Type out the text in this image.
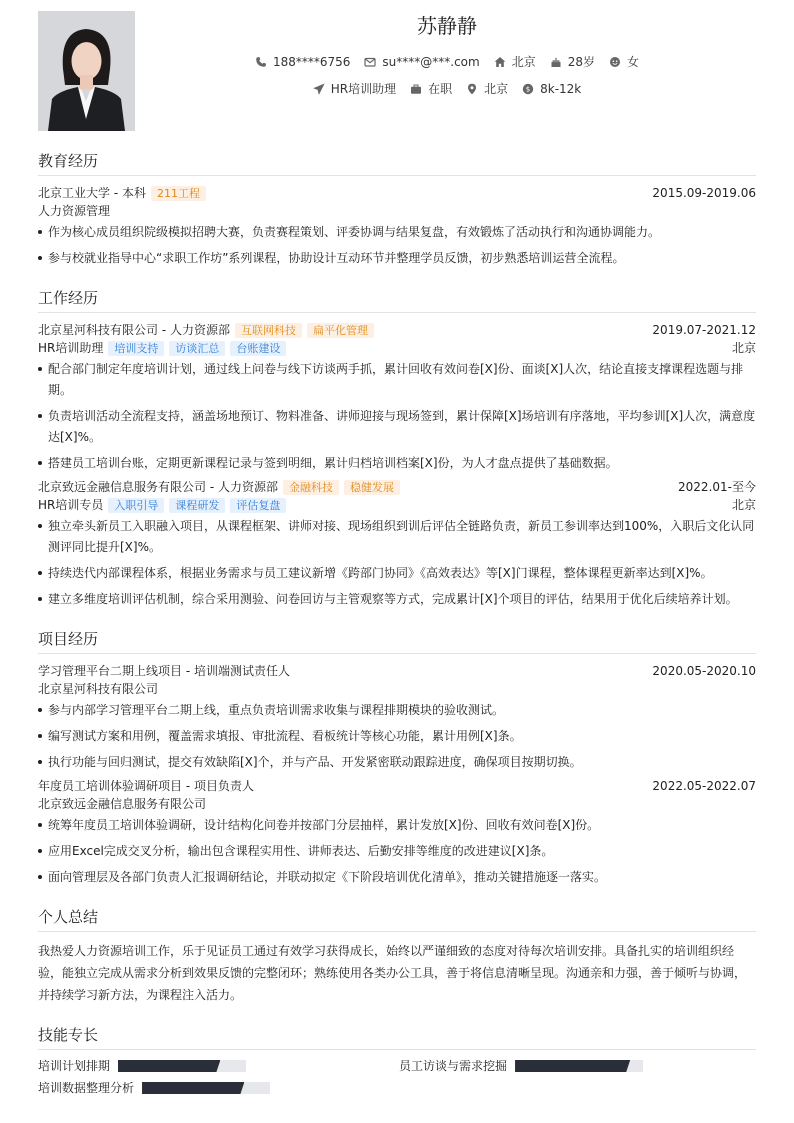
苏静静
188****6756	su****@***.com	北京	28岁	女
HR培训助理	在职	北京	$ 8k-12k
教育经历
北京工业大学 - 本科	211工程	2015.09-2019.06
人力资源管理
作为核心成员组织院级模拟招聘大赛，负责赛程策划、评委协调与结果复盘，有效锻炼了活动执行和沟通协调能力。
参与校就业指导中心“求职工作坊”系列课程，协助设计互动环节并整理学员反馈，初步熟悉培训运营全流程。
工作经历
北京星河科技有限公司 - 人力资源部	互联网科技	扁平化管理	2019.07-2021.12
HR培训助理	培训支持	访谈汇总	台账建设	北京
配合部门制定年度培训计划，通过线上问卷与线下访谈两手抓，累计回收有效问卷[X]份、面谈[X]人次，结论直接支撑课程选题与排期。
负责培训活动全流程支持，涵盖场地预订、物料准备、讲师迎接与现场签到，累计保障[X]场培训有序落地，平均参训[X]人次，满意度达[X]%。
搭建员工培训台账，定期更新课程记录与签到明细，累计归档培训档案[X]份，为人才盘点提供了基础数据。
北京致远金融信息服务有限公司 - 人力资源部	金融科技	稳健发展	2022.01-至今
HR培训专员	入职引导	课程研发	评估复盘	北京
独立牵头新员工入职融入项目，从课程框架、讲师对接、现场组织到训后评估全链路负责，新员工参训率达到100%，入职后文化认同测评同比提升[X]%。
持续迭代内部课程体系，根据业务需求与员工建议新增《跨部门协同》《高效表达》等[X]门课程，整体课程更新率达到[X]%。
建立多维度培训评估机制，综合采用测验、问卷回访与主管观察等方式，完成累计[X]个项目的评估，结果用于优化后续培养计划。
项目经历
学习管理平台二期上线项目 - 培训端测试责任人	2020.05-2020.10
北京星河科技有限公司
参与内部学习管理平台二期上线，重点负责培训需求收集与课程排期模块的验收测试。
编写测试方案和用例，覆盖需求填报、审批流程、看板统计等核心功能，累计用例[X]条。
执行功能与回归测试，提交有效缺陷[X]个，并与产品、开发紧密联动跟踪进度，确保项目按期切换。
年度员工培训体验调研项目 - 项目负责人	2022.05-2022.07
北京致远金融信息服务有限公司
统筹年度员工培训体验调研，设计结构化问卷并按部门分层抽样，累计发放[X]份、回收有效问卷[X]份。
应用Excel完成交叉分析，输出包含课程实用性、讲师表达、后勤安排等维度的改进建议[X]条。
面向管理层及各部门负责人汇报调研结论，并联动拟定《下阶段培训优化清单》，推动关键措施逐一落实。
个人总结
我热爱人力资源培训工作，乐于见证员工通过有效学习获得成长，始终以严谨细致的态度对待每次培训安排。具备扎实的培训组织经验，能独立完成从需求分析到效果反馈的完整闭环；熟练使用各类办公工具，善于将信息清晰呈现。沟通亲和力强，善于倾听与协调，并持续学习新方法，为课程注入活力。
技能专长
培训计划排期	员工访谈与需求挖掘
培训数据整理分析
